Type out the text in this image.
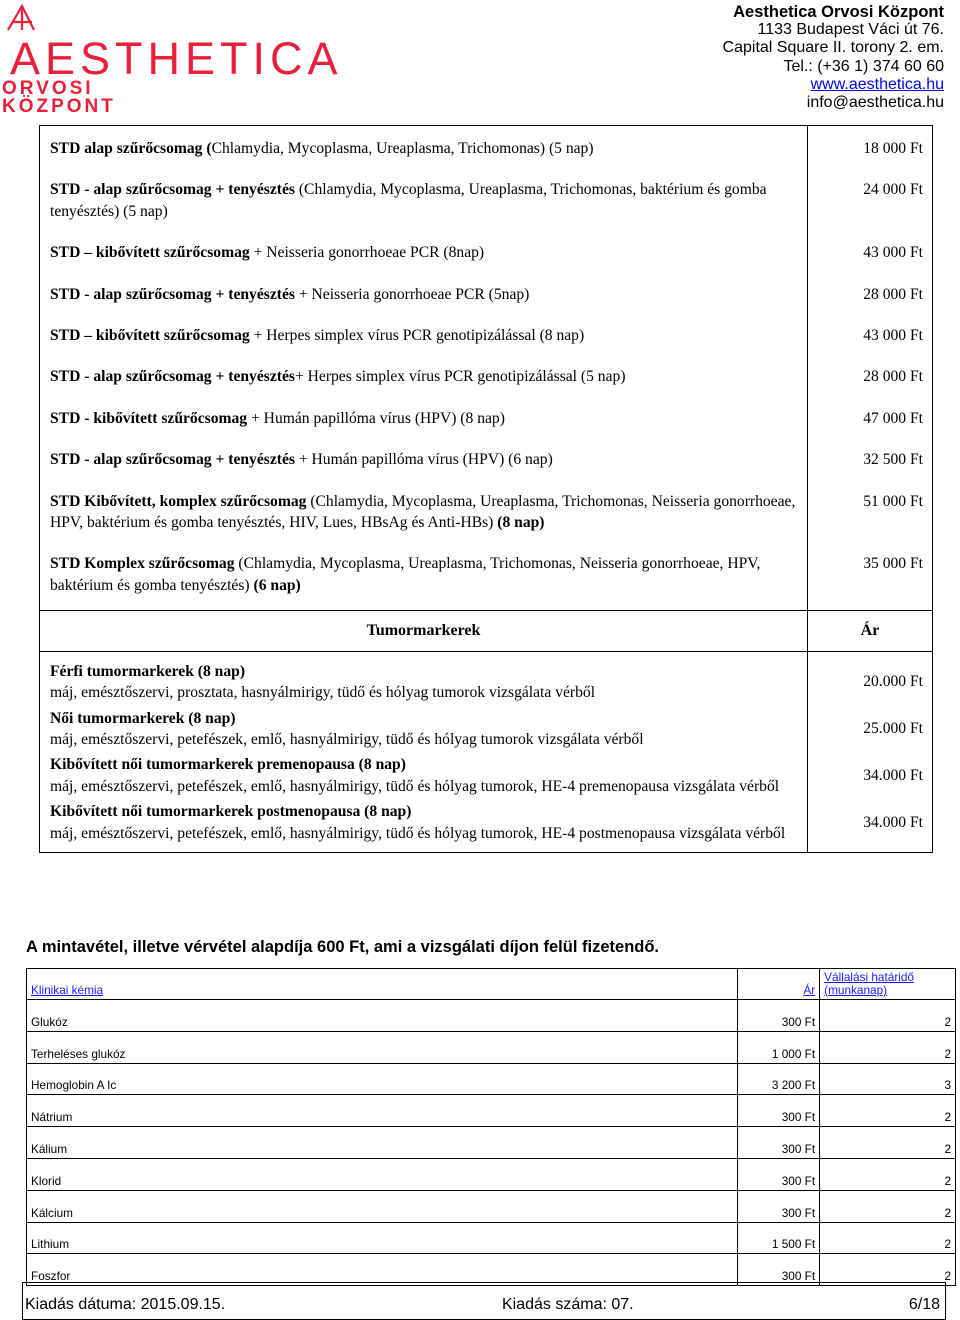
AESTHETICA
ORVOSI
KÖZPONT
Aesthetica Orvosi Központ
1133 Budapest Váci út 76.
Capital Square II. torony 2. em.
Tel.: (+36 1) 374 60 60
www.aesthetica.hu
info@aesthetica.hu
STD alap szűrőcsomag (Chlamydia, Mycoplasma, Ureaplasma, Trichomonas) (5 nap)	18 000 Ft
STD - alap szűrőcsomag + tenyésztés (Chlamydia, Mycoplasma, Ureaplasma, Trichomonas, baktérium és gomba tenyésztés) (5 nap)	24 000 Ft
STD – kibővített szűrőcsomag + Neisseria gonorrhoeae PCR (8nap)	43 000 Ft
STD - alap szűrőcsomag + tenyésztés + Neisseria gonorrhoeae PCR (5nap)	28 000 Ft
STD – kibővített szűrőcsomag + Herpes simplex vírus PCR genotipizálással (8 nap)	43 000 Ft
STD - alap szűrőcsomag + tenyésztés+ Herpes simplex vírus PCR genotipizálással (5 nap)	28 000 Ft
STD - kibővített szűrőcsomag + Humán papillóma vírus (HPV) (8 nap)	47 000 Ft
STD - alap szűrőcsomag + tenyésztés + Humán papillóma vírus (HPV) (6 nap)	32 500 Ft
STD Kibővített, komplex szűrőcsomag (Chlamydia, Mycoplasma, Ureaplasma, Trichomonas, Neisseria gonorrhoeae, HPV, baktérium és gomba tenyésztés, HIV, Lues, HBsAg és Anti-HBs) (8 nap)	51 000 Ft
STD Komplex szűrőcsomag (Chlamydia, Mycoplasma, Ureaplasma, Trichomonas, Neisseria gonorrhoeae, HPV, baktérium és gomba tenyésztés) (6 nap)	35 000 Ft
Tumormarkerek	Ár

Férfi tumormarkerek (8 nap)
máj, emésztőszervi, prosztata, hasnyálmirigy, tüdő és hólyag tumorok vizsgálata vérből	20.000 Ft

Női tumormarkerek (8 nap)
máj, emésztőszervi, petefészek, emlő, hasnyálmirigy, tüdő és hólyag tumorok vizsgálata vérből	25.000 Ft

Kibővített női tumormarkerek premenopausa (8 nap)
máj, emésztőszervi, petefészek, emlő, hasnyálmirigy, tüdő és hólyag tumorok, HE-4 premenopausa vizsgálata vérből	34.000 Ft

Kibővített női tumormarkerek postmenopausa (8 nap)
máj, emésztőszervi, petefészek, emlő, hasnyálmirigy, tüdő és hólyag tumorok, HE-4 postmenopausa vizsgálata vérből	34.000 Ft
A mintavétel, illetve vérvétel alapdíja 600 Ft, ami a vizsgálati díjon felül fizetendő.
Klinikai kémia	Ár	Vállalási határidő (munkanap)
Glukóz	300 Ft	2
Terheléses glukóz	1 000 Ft	2
Hemoglobin A Ic	3 200 Ft	3
Nátrium	300 Ft	2
Kálium	300 Ft	2
Klorid	300 Ft	2
Kálcium	300 Ft	2
Lithium	1 500 Ft	2
Foszfor	300 Ft	2
Kiadás dátuma: 2015.09.15.	Kiadás száma: 07.	6/18
